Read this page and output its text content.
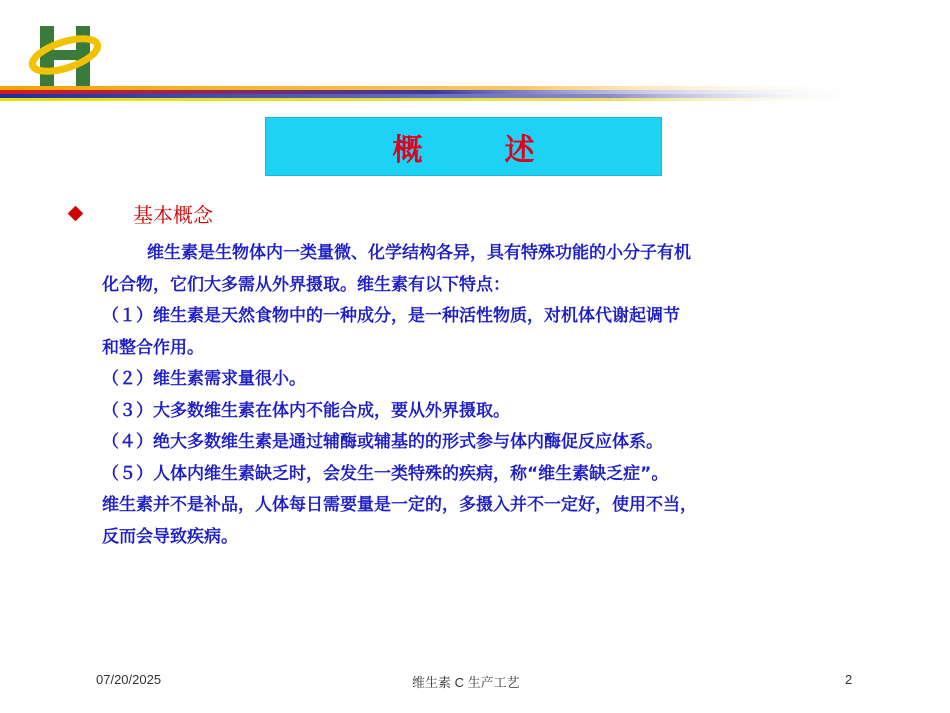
概　述
基本概念
维生素是生物体内一类量微、化学结构各异，具有特殊功能的小分子有机
化合物，它们大多需从外界摄取。维生素有以下特点：
（１）维生素是天然食物中的一种成分，是一种活性物质，对机体代谢起调节
和整合作用。
（２）维生素需求量很小。
（３）大多数维生素在体内不能合成，要从外界摄取。
（４）绝大多数维生素是通过辅酶或辅基的的形式参与体内酶促反应体系。
（５）人体内维生素缺乏时，会发生一类特殊的疾病，称“维生素缺乏症”。
维生素并不是补品，人体每日需要量是一定的，多摄入并不一定好，使用不当，
反而会导致疾病。
07/20/2025	维生素 C 生产工艺	2
